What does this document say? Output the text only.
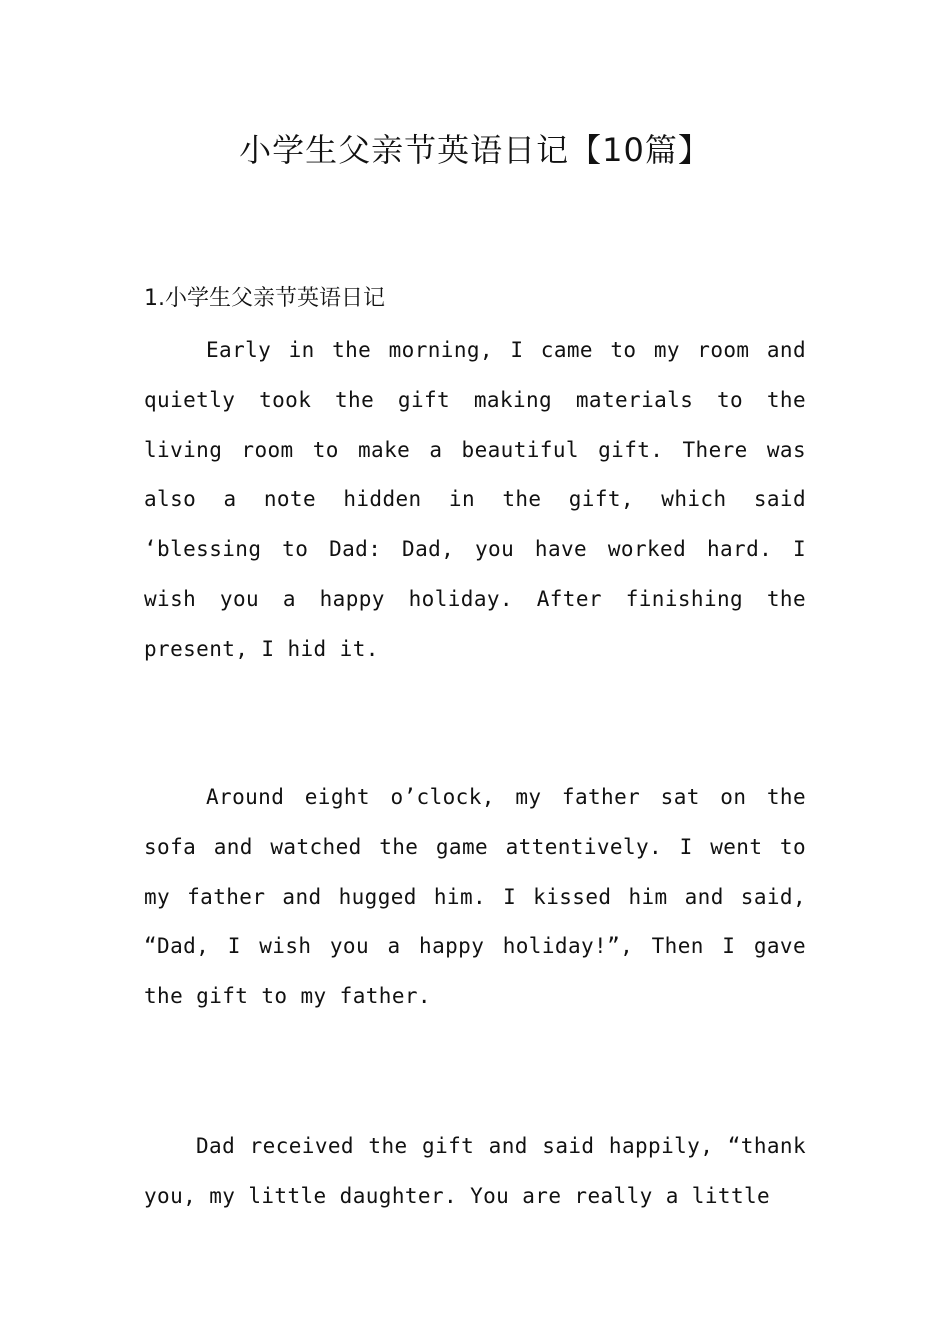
小学生父亲节英语日记【10篇】
1.小学生父亲节英语日记

Early in the morning, I came to my room and quietly took the gift making materials to the living room to make a beautiful gift. There was also a note hidden in the gift, which said ‘blessing to Dad: Dad, you have worked hard. I wish you a happy holiday. After finishing the present, I hid it.

Around eight o’clock, my father sat on the sofa and watched the game attentively. I went to my father and hugged him. I kissed him and said, “Dad, I wish you a happy holiday!”, Then I gave the gift to my father.

Dad received the gift and said happily, “thank you, my little daughter. You are really a little
